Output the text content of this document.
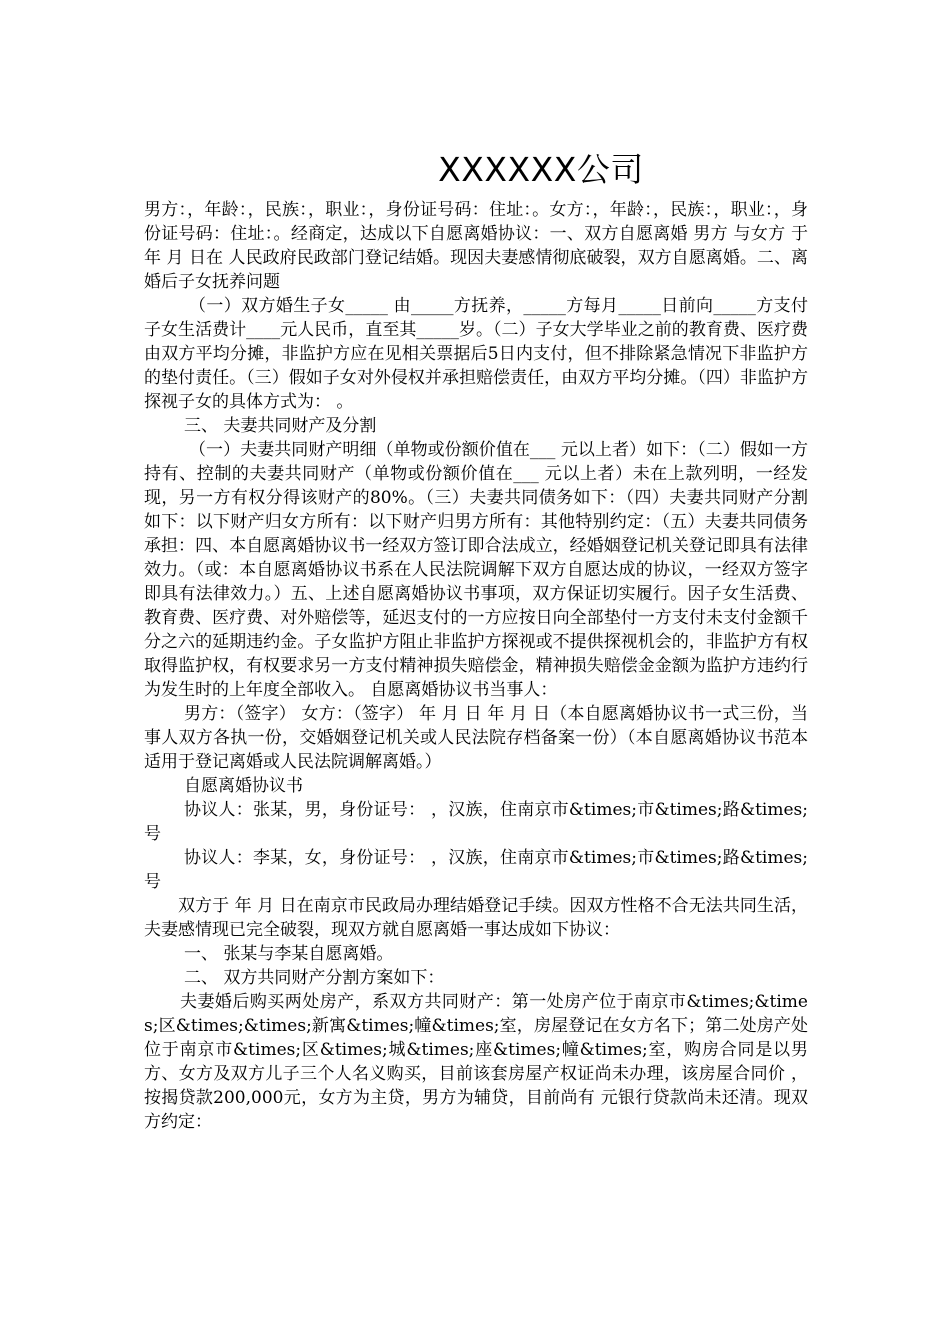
XXXXXX公司

男方：，年龄：，民族：，职业：，身份证号码：住址：。女方：，年龄：，民族：，职业：，身份证号码：住址：。经商定，达成以下自愿离婚协议：一、双方自愿离婚 男方 与女方 于 年 月 日在 人民政府民政部门登记结婚。现因夫妻感情彻底破裂，双方自愿离婚。二、离婚后子女抚养问题

（一）双方婚生子女_____ 由_____方抚养，_____方每月_____日前向_____方支付子女生活费计____元人民币，直至其_____岁。（二）子女大学毕业之前的教育费、医疗费由双方平均分摊，非监护方应在见相关票据后5日内支付，但不排除紧急情况下非监护方的垫付责任。（三）假如子女对外侵权并承担赔偿责任，由双方平均分摊。（四）非监护方探视子女的具体方式为： 。

三、 夫妻共同财产及分割

（一）夫妻共同财产明细（单物或份额价值在___ 元以上者）如下：（二）假如一方持有、控制的夫妻共同财产（单物或份额价值在___ 元以上者）未在上款列明，一经发现，另一方有权分得该财产的80%。（三）夫妻共同债务如下：（四）夫妻共同财产分割如下：以下财产归女方所有：以下财产归男方所有：其他特别约定：（五）夫妻共同债务承担：四、本自愿离婚协议书一经双方签订即合法成立，经婚姻登记机关登记即具有法律效力。（或：本自愿离婚协议书系在人民法院调解下双方自愿达成的协议，一经双方签字即具有法律效力。）五、上述自愿离婚协议书事项，双方保证切实履行。因子女生活费、教育费、医疗费、对外赔偿等，延迟支付的一方应按日向全部垫付一方支付未支付金额千分之六的延期违约金。子女监护方阻止非监护方探视或不提供探视机会的，非监护方有权取得监护权，有权要求另一方支付精神损失赔偿金，精神损失赔偿金金额为监护方违约行为发生时的上年度全部收入。 自愿离婚协议书当事人：

男方：（签字） 女方：（签字） 年 月 日 年 月 日（本自愿离婚协议书一式三份，当事人双方各执一份，交婚姻登记机关或人民法院存档备案一份）（本自愿离婚协议书范本适用于登记离婚或人民法院调解离婚。）

自愿离婚协议书

协议人：张某，男，身份证号： ，汉族，住南京市&times;市&times;路&times;号

协议人：李某，女，身份证号： ，汉族，住南京市&times;市&times;路&times;号

双方于 年 月 日在南京市民政局办理结婚登记手续。因双方性格不合无法共同生活，夫妻感情现已完全破裂，现双方就自愿离婚一事达成如下协议：

一、 张某与李某自愿离婚。

二、 双方共同财产分割方案如下：

夫妻婚后购买两处房产，系双方共同财产：第一处房产位于南京市&times;&times;区&times;&times;新寓&times;幢&times;室，房屋登记在女方名下；第二处房产处位于南京市&times;区&times;城&times;座&times;幢&times;室，购房合同是以男方、女方及双方儿子三个人名义购买，目前该套房屋产权证尚未办理，该房屋合同价 ，按揭贷款200,000元，女方为主贷，男方为辅贷，目前尚有 元银行贷款尚未还清。现双方约定：
